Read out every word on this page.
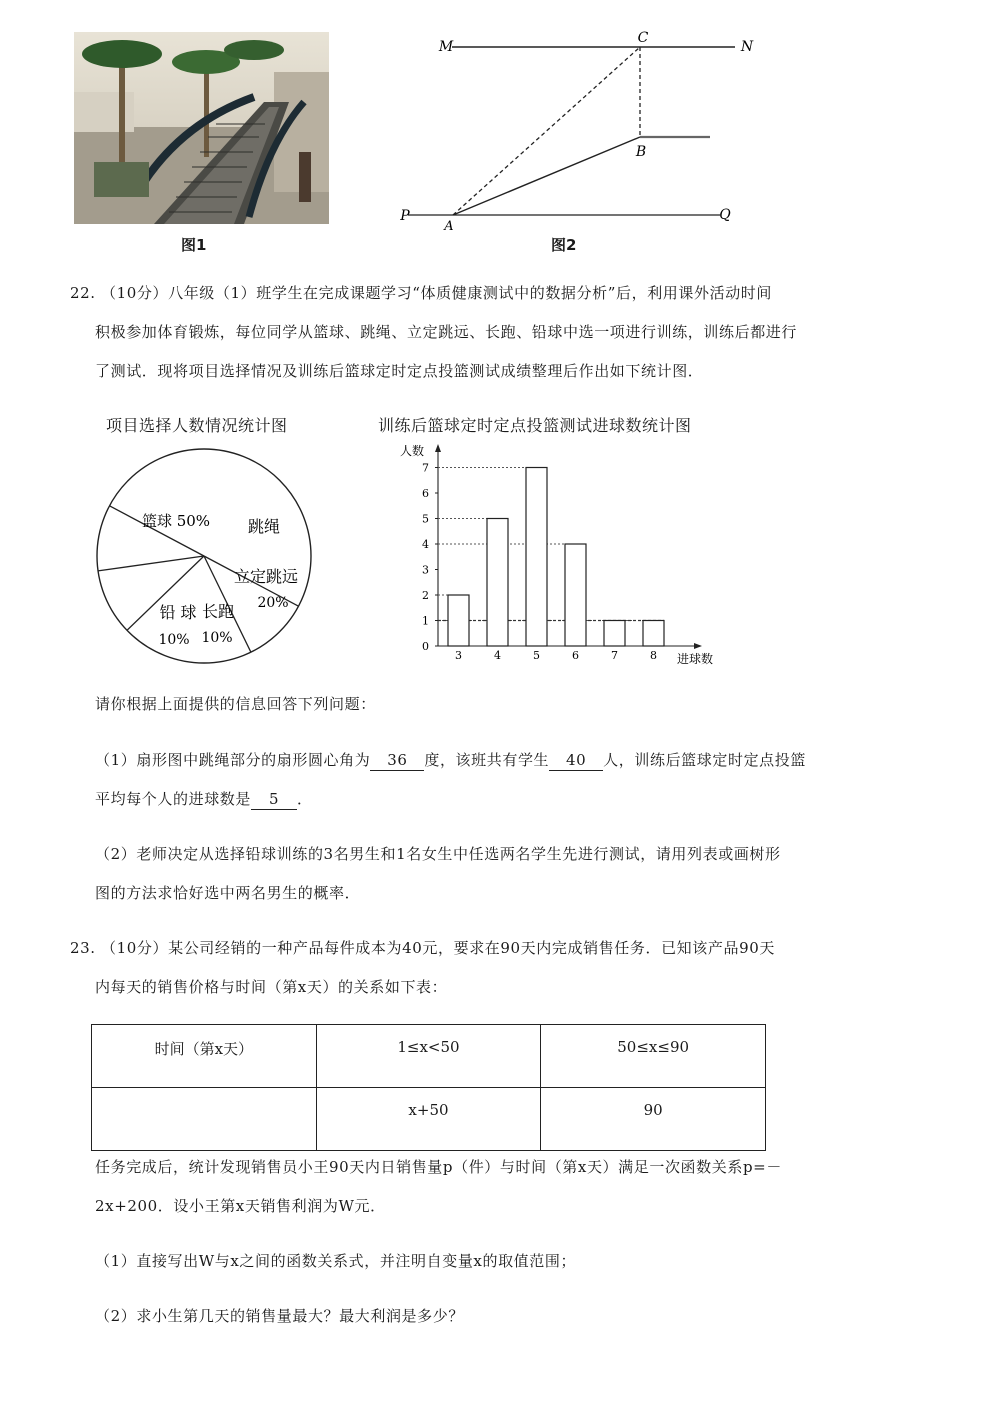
图1
M
C
N
B
P
A
Q
图2
22. （10分）八年级（1）班学生在完成课题学习“体质健康测试中的数据分析”后，利用课外活动时间
积极参加体育锻炼，每位同学从篮球、跳绳、立定跳远、长跑、铅球中选一项进行训练，训练后都进行
了测试．现将项目选择情况及训练后篮球定时定点投篮测试成绩整理后作出如下统计图．
项目选择人数情况统计图
篮球 50% 跳绳
立定跳远
20%
铅 球
10%
长跑
10%
训练后篮球定时定点投篮测试进球数统计图
人数
进球数
0
1
2
3
4
5
6
7
3	4	5	6	7	8
请你根据上面提供的信息回答下列问题：
（1）扇形图中跳绳部分的扇形圆心角为 36 度，该班共有学生 40 人，训练后篮球定时定点投篮
平均每个人的进球数是 5 ．
（2）老师决定从选择铅球训练的3名男生和1名女生中任选两名学生先进行测试，请用列表或画树形
图的方法求恰好选中两名男生的概率．
23. （10分）某公司经销的一种产品每件成本为40元，要求在90天内完成销售任务．已知该产品90天
内每天的销售价格与时间（第x天）的关系如下表：
时间（第x天）	1≤x<50	50≤x≤90
	x+50	90
任务完成后，统计发现销售员小王90天内日销售量p（件）与时间（第x天）满足一次函数关系p=－
2x+200．设小王第x天销售利润为W元．
（1）直接写出W与x之间的函数关系式，并注明自变量x的取值范围；
（2）求小生第几天的销售量最大？最大利润是多少？
